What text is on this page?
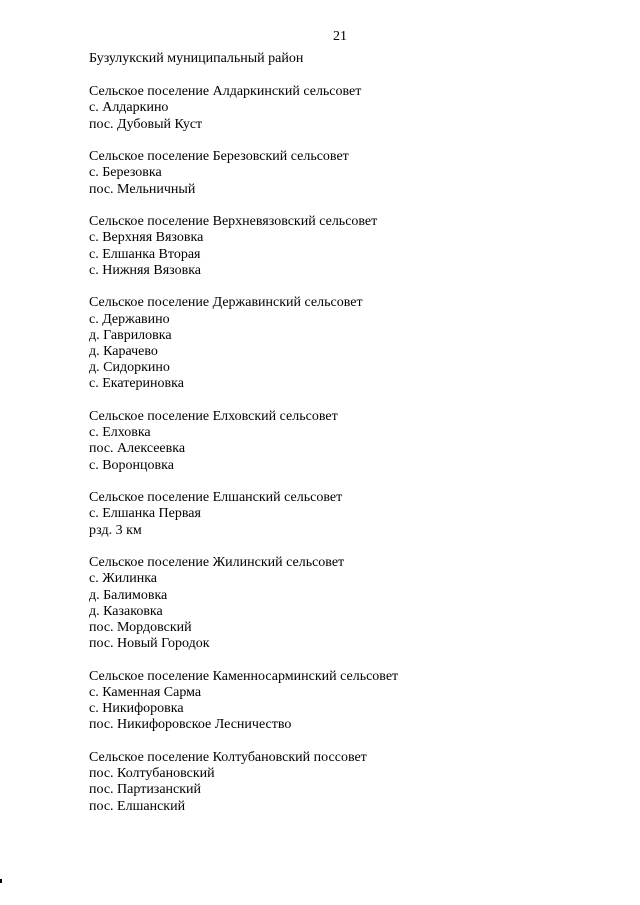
21
Бузулукский муниципальный район
Сельское поселение Алдаркинский сельсовет
с. Алдаркино
пос. Дубовый Куст
Сельское поселение Березовский сельсовет
с. Березовка
пос. Мельничный
Сельское поселение Верхневязовский сельсовет
с. Верхняя Вязовка
с. Елшанка Вторая
с. Нижняя Вязовка
Сельское поселение Державинский сельсовет
с. Державино
д. Гавриловка
д. Карачево
д. Сидоркино
с. Екатериновка
Сельское поселение Елховский сельсовет
с. Елховка
пос. Алексеевка
с. Воронцовка
Сельское поселение Елшанский сельсовет
с. Елшанка Первая
рзд. 3 км
Сельское поселение Жилинский сельсовет
с. Жилинка
д. Балимовка
д. Казаковка
пос. Мордовский
пос. Новый Городок
Сельское поселение Каменносарминский сельсовет
с. Каменная Сарма
с. Никифоровка
пос. Никифоровское Лесничество
Сельское поселение Колтубановский поссовет
пос. Колтубановский
пос. Партизанский
пос. Елшанский
